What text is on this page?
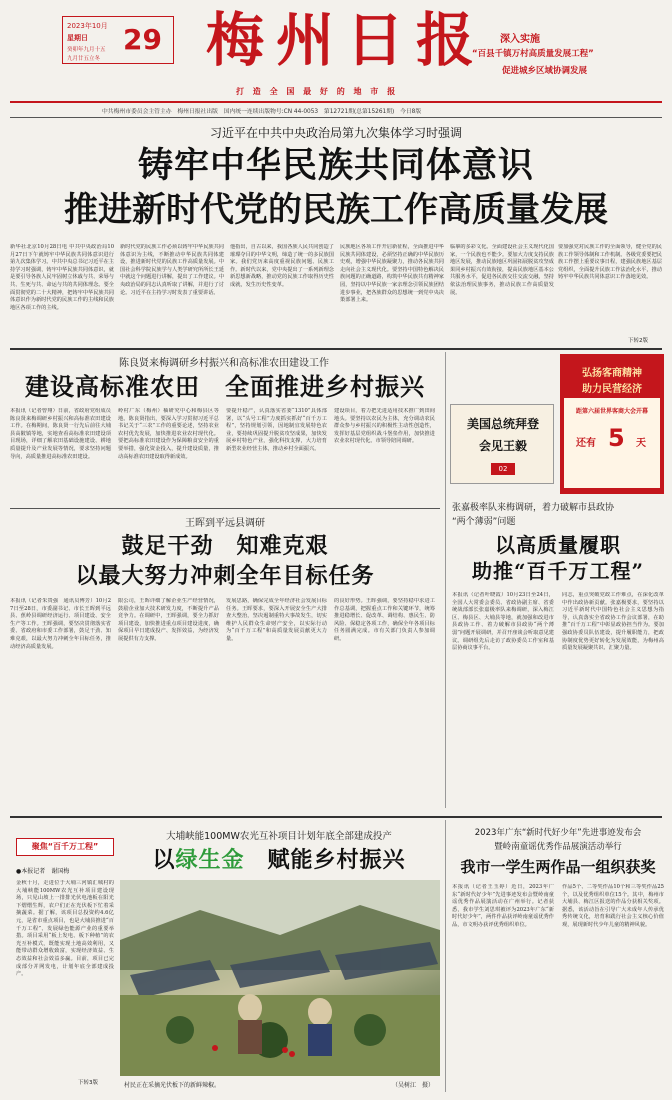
2023年10月
星期日
癸卯年九月十五
九月廿五立冬
29 梅州日报 深入实施
“百县千镇万村高质量发展工程”
促进城乡区域协调发展
打 造 全 国 最 好 的 地 市 报
中共梅州市委员会主管主办　梅州日报社出版　国内统一连续出版物号:CN 44-0053　第12721期(总第15261期)　今日8版
习近平在中共中央政治局第九次集体学习时强调
铸牢中华民族共同体意识
推进新时代党的民族工作高质量发展
新华社北京10月28日电 中共中央政治局10月27日下午就铸牢中华民族共同体意识进行第九次集体学习。中共中央总书记习近平在主持学习时强调，铸牢中华民族共同体意识，就是要引导各族人民牢固树立休戚与共、荣辱与共、生死与共、命运与共的共同体理念。要全面贯彻党的二十大精神，把铸牢中华民族共同体意识作为新时代党的民族工作的主线和民族地区各项工作的主线。
新时代党的民族工作必须以铸牢中华民族共同体意识为主线，不断推动中华民族共同体建设，推进新时代党的民族工作高质量发展。中国社会科学院民族学与人类学研究所所长王延中就这个问题进行讲解，提出了工作建议。中央政治局的同志认真听取了讲解，并进行了讨论。习近平在主持学习时发表了重要讲话。
他指出，自古以来，我国各族人民共同创造了璀璨夺目的中华文明，缔造了统一的多民族国家。我们党历来高度重视民族问题、民族工作。新时代以来，党中央提出了一系列新理念新思想新战略，推动党的民族工作取得历史性成就，发生历史性变革。
民族地区各项工作开启新征程，全面推进中华民族共同体建设，必须坚持正确的中华民族历史观，增强中华民族凝聚力，推动各民族共同走向社会主义现代化。要坚持中国特色解决民族问题的正确道路，构筑中华民族共有精神家园，坚持以中华民族一家亲理念引领民族团结进步事业，把各族群众的思想统一到党中央决策部署上来。
临摹的多彩文化。全面建设社会主义现代化国家，一个民族也不能少。要加大力度支持民族地区发展，推动民族地区巩固拓展脱贫攻坚成果同乡村振兴有效衔接，提高民族地区基本公共服务水平，促进各民族交往交流交融，坚持依法治理民族事务，推动民族工作高质量发展。
要加强党对民族工作的全面领导，健全党的民族工作领导体制和工作机制。各级党委要把民族工作摆上重要议事日程，建强民族地区基层党组织，全面提升民族工作法治化水平，推动铸牢中华民族共同体意识工作落地见效。
下转2版
陈良贤来梅调研乡村振兴和高标准农田建设工作
建设高标准农田　全面推进乡村振兴
本报讯（记者曾翔）日前，省政府党组成员陈良贤来梅调研乡村振兴和高标准农田建设工作。在梅期间，陈良贤一行先后前往大埔县高陂镇等地，实地查看高标准农田建设项目现场，详细了解农田基础设施建设、耕地质量提升及产业发展等情况，要求坚持问题导向，高质量推进高标准农田建设。
岭村广东（梅州）柚研究中心和梅县区等地。陈良贤指出，要深入学习贯彻习近平总书记关于“三农”工作的重要论述，坚持农业农村优先发展，加快推进农业农村现代化。要把高标准农田建设作为保障粮食安全的重要举措，强化资金投入，提升建设质量，推动高标准农田建设取得新成效。
要提升稳产，认真落实省委“1310”具体部署，以“头号工程”力度抓实抓好“百千万工程”，坚持规划引领，因地制宜发展特色农业，要持续巩固提升脱贫攻坚成果，加快发展乡村特色产业，强化科技支撑，大力培育新型农业经营主体，推动乡村全面振兴。
建设项目，着力把先进适用技术推广到田间地头。要坚持以农民为主体，充分调动农民群众参与乡村振兴的积极性主动性创造性，发挥好基层党组织战斗堡垒作用，加快推进农业农村现代化。市领导陪同调研。
王晖到平远县调研
鼓足干劲　知难克艰
以最大努力冲刺全年目标任务
本报讯（记者朱贵强　通讯员傅芳）10月27日至28日，市委副书记、市长王晖到平远县、蕉岭县调研经济运行、项目建设、安全生产等工作。王晖强调，要坚决贯彻落实省委、省政府和市委工作部署，鼓足干劲、知难克艰，以最大努力冲刺全年目标任务，推动经济高质量发展。
限公司，王晖详细了解企业生产经营情况，鼓励企业加大技术研发力度，不断提升产品竞争力。在调研中，王晖强调，要全力抓好项目建设，加快推进重点项目建设进度，确保项目早日建成投产、发挥效益，为经济发展提供有力支撑。
发展思路，确保完成全年经济社会发展目标任务。王晖要求，要深入开展安全生产大排查大整治，坚决遏制重特大事故发生，切实维护人民群众生命财产安全，以实际行动为“百千万工程”和高质量发展贡献更大力量。
的良好形势。王晖强调，要坚持稳中求进工作总基调，把握重点工作和关键环节，统筹推进稳增长、促改革、调结构、惠民生、防风险、保稳定各项工作，确保全年各项目标任务圆满完成。市有关部门负责人参加调研。
美国总统拜登
会见王毅
02
弘扬客商精神
助力民营经济
距第六届世界客商大会开幕
还有 5 天
张嘉极率队来梅调研，着力破解市县政协
“两个薄弱”问题
以高质量履职
助推“百千万工程”
本报讯（记者叶晓霞）10月23日至24日，全国人大常委会委员、省政协副主席、省委统战部部长张嘉极率队来梅调研，深入梅江区、梅县区、大埔县等地，就加强和改进市县政协工作、着力破解市县政协“两个薄弱”问题开展调研，并召开座谈会听取意见建议。调研组先后走访了政协委员工作室和基层协商议事平台。
同志，重点突破党政工作难点，在深化改革中作出政协新贡献。张嘉极要求，要坚持以习近平新时代中国特色社会主义思想为指导，认真落实全省政协工作会议部署，在助推“百千万工程”中彰显政协担当作为。要加强政协委员队伍建设，提升履职能力，把政协制度优势更好转化为发展效能，为梅州高质量发展凝聚共识、汇聚力量。
聚焦“百千万工程”
●本报记者　谢国梅
金秋十月，走进位于大埔三河镇汇城村的大埔峡能100MW农光互补项目建设现场，只见山坡上一排排光伏电池板在阳光下熠熠生辉，农户们正在光伏板下忙着采摘蔬菜。据了解，该项目总投资约4.6亿元，是省市重点项目，也是大埔县推进“百千万工程”、发展绿色能源产业的重要举措。项目采用“板上发电、板下种植”的农光互补模式，既能实现土地高效利用，又能带动群众增收致富，实现经济效益、生态效益和社会效益多赢。目前，项目已完成部分并网发电，计划年底全部建成投产。
下转3版
大埔峡能100MW农光互补项目计划年底全部建成投产
以绿生金　赋能乡村振兴
村民正在采摘光伏板下的新鲜辣椒。	（吴树江　摄）
2023年广东“新时代好少年”先进事迹发布会
暨岭南童谣优秀作品展演活动举行
我市一学生两作品一组织获奖
本报讯（记者王玉婷）近日，2023年广东“新时代好少年”先进事迹发布会暨岭南童谣优秀作品展演活动在广州举行。记者获悉，我市学生刘思琪被评为2023年广东“新时代好少年”，两件作品获评岭南童谣优秀作品，市文明办获评优秀组织单位。
作品5个、二等奖作品10个和三等奖作品25个，以及优秀组织单位15个。其中，梅州市大埔县、梅江区报送的作品分获相关奖项。据悉，该活动旨在引导广大未成年人传承优秀传统文化，培育和践行社会主义核心价值观，展现新时代少年儿童的精神风貌。
